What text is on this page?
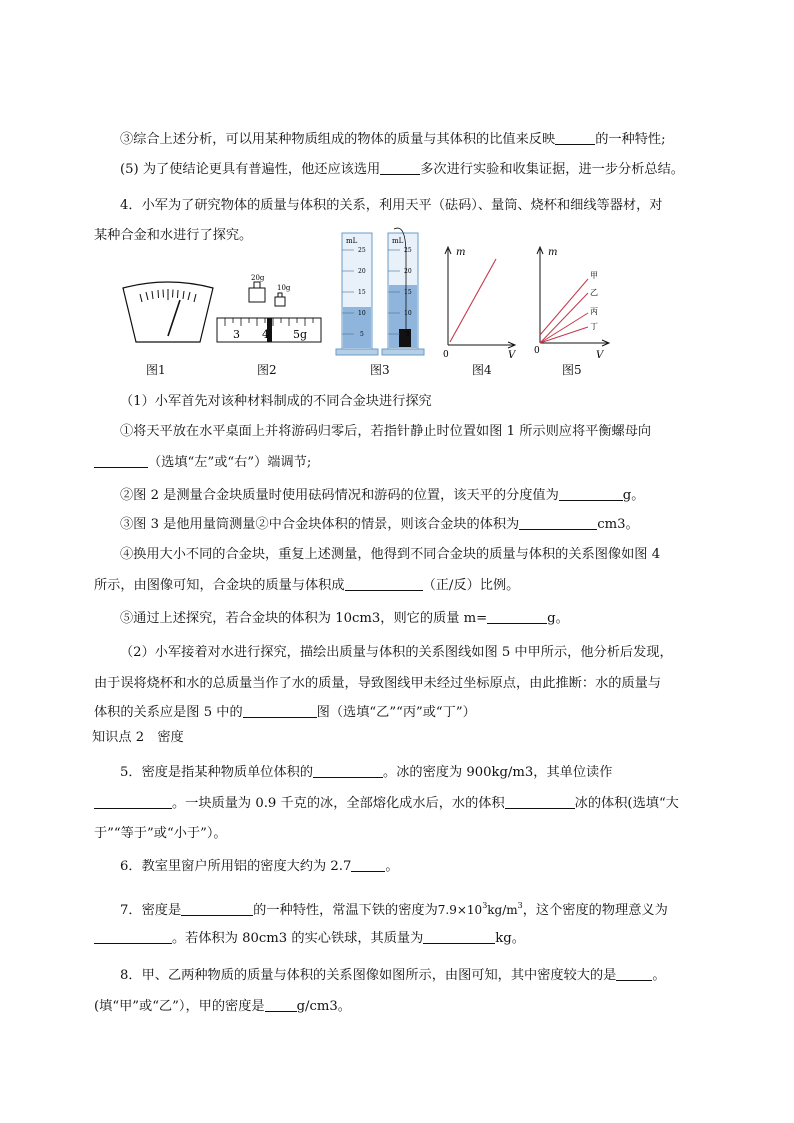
③综合上述分析，可以用某种物质组成的物体的质量与其体积的比值来反映	的一种特性;
(5) 为了使结论更具有普遍性，他还应该选用	多次进行实验和收集证据，进一步分析总结。
4．小军为了研究物体的质量与体积的关系，利用天平（砝码）、量筒、烧杯和细线等器材，对
某种合金和水进行了探究。
图1
20g
10g
3 4 5g
图2
mL
25
20
15
10
5
mL
25
20
15
10
5
图3
m
V
0
图4
甲
乙
丙
丁
m
V
0
图5
（1）小军首先对该种材料制成的不同合金块进行探究
①将天平放在水平桌面上并将游码归零后，若指针静止时位置如图 1 所示则应将平衡螺母向
（选填“左”或“右”）端调节;
②图 2 是测量合金块质量时使用砝码情况和游码的位置，该天平的分度值为	g。
③图 3 是他用量筒测量②中合金块体积的情景，则该合金块的体积为	cm3。
④换用大小不同的合金块，重复上述测量，他得到不同合金块的质量与体积的关系图像如图 4
所示，由图像可知，合金块的质量与体积成	（正/反）比例。
⑤通过上述探究，若合金块的体积为 10cm3，则它的质量 m=	g。
（2）小军接着对水进行探究，描绘出质量与体积的关系图线如图 5 中甲所示，他分析后发现，
由于误将烧杯和水的总质量当作了水的质量，导致图线甲未经过坐标原点，由此推断：水的质量与
体积的关系应是图 5 中的	图（选填“乙”“丙”或“丁”）
知识点 2　密度
5．密度是指某种物质单位体积的	。冰的密度为 900kg/m3，其单位读作
。一块质量为 0.9 千克的冰，全部熔化成水后，水的体积	冰的体积(选填“大
于”“等于”或“小于”）。
6．教室里窗户所用铝的密度大约为 2.7	。
7．密度是	的一种特性，常温下铁的密度为$7.9\times 10^3kg/m^3$，这个密度的物理意义为
。若体积为 80cm3 的实心铁球，其质量为	kg。
8．甲、乙两种物质的质量与体积的关系图像如图所示，由图可知，其中密度较大的是	。
(填“甲”或“乙”），甲的密度是 g/cm3。
